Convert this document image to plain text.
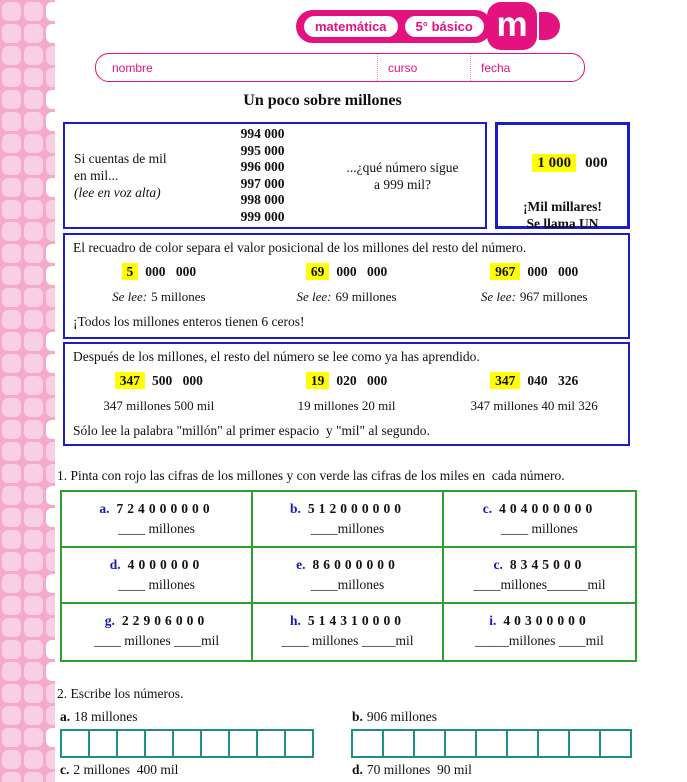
matemática	5° básico m
nombre	curso	fecha
Un poco sobre millones
Si cuentas de mil
en mil...
(lee en voz alta)
994 000
995 000
996 000
997 000
998 000
999 000
...¿qué número sigue
a 999 mil?

1 000 000

¡Mil millares!
Se llama UN
El recuadro de color separa el valor posicional de los millones del resto del número.
5 000 000	69 000 000	967 000 000
Se lee: 5 millones	Se lee: 69 millones	Se lee: 967 millones
¡Todos los millones enteros tienen 6 ceros!
Después de los millones, el resto del número se lee como ya has aprendido.
347 500 000	19 020 000	347 040 326
347 millones 500 mil	19 millones 20 mil	347 millones 40 mil 326
Sólo lee la palabra "millón" al primer espacio  y "mil" al segundo.

1. Pinta con rojo las cifras de los millones y con verde las cifras de los miles en  cada número.

a. 724000000
____ millones
b. 512000000
____millones
c. 404000000
____ millones
d. 4000000
____ millones
e. 86000000
____millones
c. 8345000
____millones______mil
g. 22906000
____ millones ____mil
h. 514310000
____ millones _____mil
i. 40300000
_____millones ____mil

2. Escribe los números.

a. 18 millones	b. 906 millones
c. 2 millones  400 mil	d. 70 millones  90 mil
